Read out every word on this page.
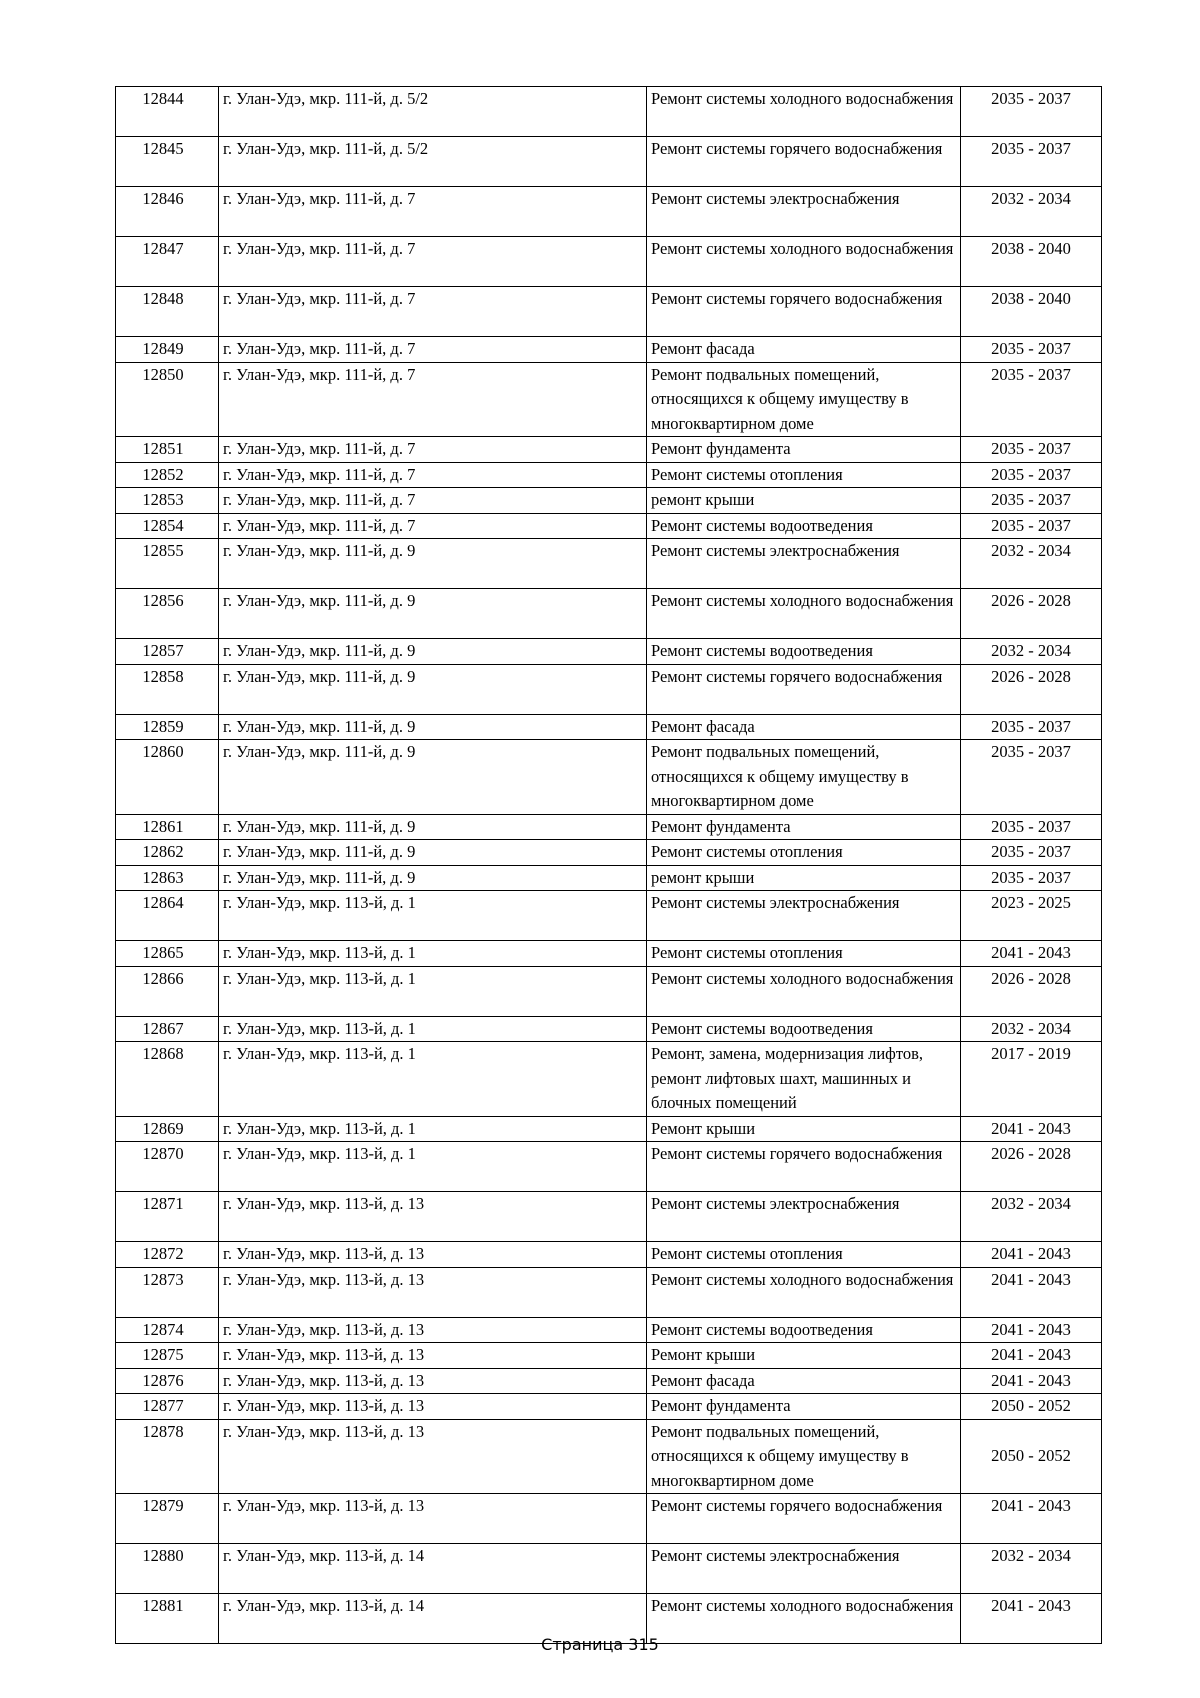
12844	г. Улан-Удэ, мкр. 111-й, д. 5/2	Ремонт системы холодного водоснабжения	2035 - 2037
12845	г. Улан-Удэ, мкр. 111-й, д. 5/2	Ремонт системы горячего водоснабжения	2035 - 2037
12846	г. Улан-Удэ, мкр. 111-й, д. 7	Ремонт системы электроснабжения	2032 - 2034
12847	г. Улан-Удэ, мкр. 111-й, д. 7	Ремонт системы холодного водоснабжения	2038 - 2040
12848	г. Улан-Удэ, мкр. 111-й, д. 7	Ремонт системы горячего водоснабжения	2038 - 2040
12849	г. Улан-Удэ, мкр. 111-й, д. 7	Ремонт фасада	2035 - 2037
12850	г. Улан-Удэ, мкр. 111-й, д. 7	Ремонт подвальных помещений, относящихся к общему имуществу в многоквартирном доме	2035 - 2037
12851	г. Улан-Удэ, мкр. 111-й, д. 7	Ремонт фундамента	2035 - 2037
12852	г. Улан-Удэ, мкр. 111-й, д. 7	Ремонт системы отопления	2035 - 2037
12853	г. Улан-Удэ, мкр. 111-й, д. 7	ремонт крыши	2035 - 2037
12854	г. Улан-Удэ, мкр. 111-й, д. 7	Ремонт системы водоотведения	2035 - 2037
12855	г. Улан-Удэ, мкр. 111-й, д. 9	Ремонт системы электроснабжения	2032 - 2034
12856	г. Улан-Удэ, мкр. 111-й, д. 9	Ремонт системы холодного водоснабжения	2026 - 2028
12857	г. Улан-Удэ, мкр. 111-й, д. 9	Ремонт системы водоотведения	2032 - 2034
12858	г. Улан-Удэ, мкр. 111-й, д. 9	Ремонт системы горячего водоснабжения	2026 - 2028
12859	г. Улан-Удэ, мкр. 111-й, д. 9	Ремонт фасада	2035 - 2037
12860	г. Улан-Удэ, мкр. 111-й, д. 9	Ремонт подвальных помещений, относящихся к общему имуществу в многоквартирном доме	2035 - 2037
12861	г. Улан-Удэ, мкр. 111-й, д. 9	Ремонт фундамента	2035 - 2037
12862	г. Улан-Удэ, мкр. 111-й, д. 9	Ремонт системы отопления	2035 - 2037
12863	г. Улан-Удэ, мкр. 111-й, д. 9	ремонт крыши	2035 - 2037
12864	г. Улан-Удэ, мкр. 113-й, д. 1	Ремонт системы электроснабжения	2023 - 2025
12865	г. Улан-Удэ, мкр. 113-й, д. 1	Ремонт системы отопления	2041 - 2043
12866	г. Улан-Удэ, мкр. 113-й, д. 1	Ремонт системы холодного водоснабжения	2026 - 2028
12867	г. Улан-Удэ, мкр. 113-й, д. 1	Ремонт системы водоотведения	2032 - 2034
12868	г. Улан-Удэ, мкр. 113-й, д. 1	Ремонт, замена, модернизация лифтов, ремонт лифтовых шахт, машинных и блочных помещений	2017 - 2019
12869	г. Улан-Удэ, мкр. 113-й, д. 1	Ремонт крыши	2041 - 2043
12870	г. Улан-Удэ, мкр. 113-й, д. 1	Ремонт системы горячего водоснабжения	2026 - 2028
12871	г. Улан-Удэ, мкр. 113-й, д. 13	Ремонт системы электроснабжения	2032 - 2034
12872	г. Улан-Удэ, мкр. 113-й, д. 13	Ремонт системы отопления	2041 - 2043
12873	г. Улан-Удэ, мкр. 113-й, д. 13	Ремонт системы холодного водоснабжения	2041 - 2043
12874	г. Улан-Удэ, мкр. 113-й, д. 13	Ремонт системы водоотведения	2041 - 2043
12875	г. Улан-Удэ, мкр. 113-й, д. 13	Ремонт крыши	2041 - 2043
12876	г. Улан-Удэ, мкр. 113-й, д. 13	Ремонт фасада	2041 - 2043
12877	г. Улан-Удэ, мкр. 113-й, д. 13	Ремонт фундамента	2050 - 2052
12878	г. Улан-Удэ, мкр. 113-й, д. 13	Ремонт подвальных помещений, относящихся к общему имуществу в многоквартирном доме	2050 - 2052
12879	г. Улан-Удэ, мкр. 113-й, д. 13	Ремонт системы горячего водоснабжения	2041 - 2043
12880	г. Улан-Удэ, мкр. 113-й, д. 14	Ремонт системы электроснабжения	2032 - 2034
12881	г. Улан-Удэ, мкр. 113-й, д. 14	Ремонт системы холодного водоснабжения	2041 - 2043
Страница 315
